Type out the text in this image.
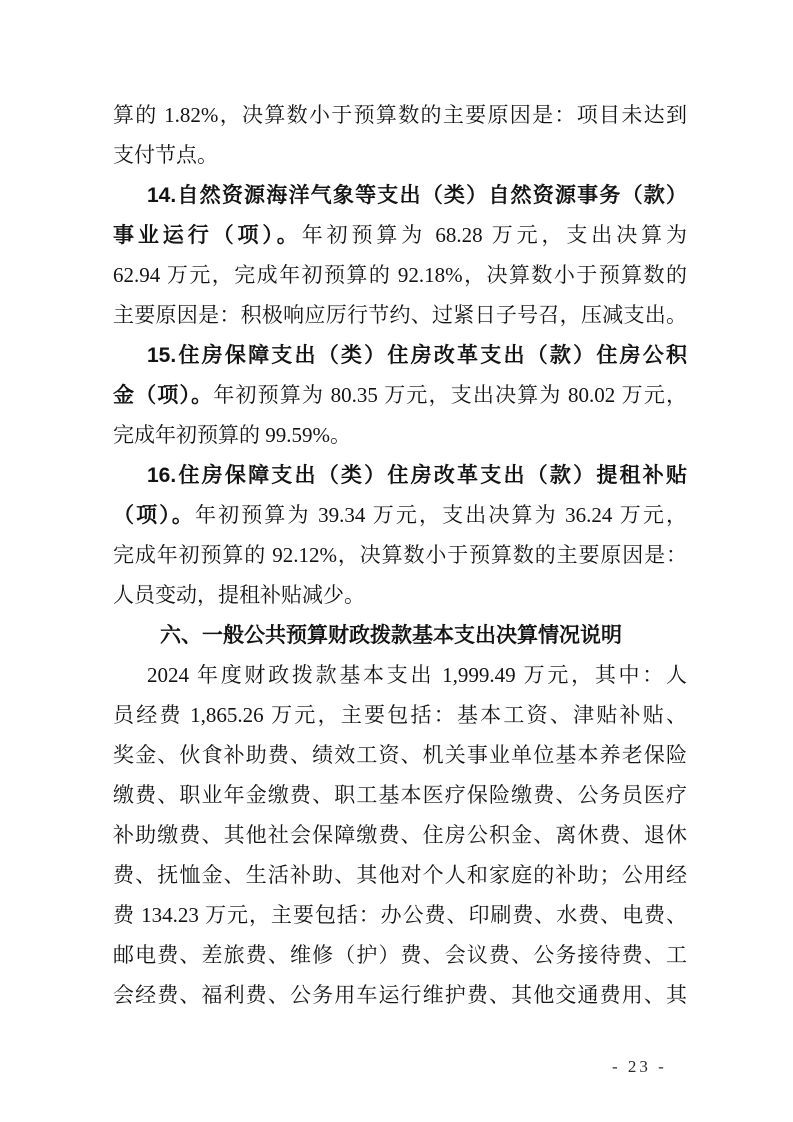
算的 1.82%，决算数小于预算数的主要原因是：项目未达到
支付节点。
14.自然资源海洋气象等支出（类）自然资源事务（款）
事业运行（项）。年初预算为 68.28 万元，支出决算为
62.94 万元，完成年初预算的 92.18%，决算数小于预算数的
主要原因是：积极响应厉行节约、过紧日子号召，压减支出。
15.住房保障支出（类）住房改革支出（款）住房公积
金（项）。年初预算为 80.35 万元，支出决算为 80.02 万元，
完成年初预算的 99.59%。
16.住房保障支出（类）住房改革支出（款）提租补贴
（项）。年初预算为 39.34 万元，支出决算为 36.24 万元，
完成年初预算的 92.12%，决算数小于预算数的主要原因是：
人员变动，提租补贴减少。
六、一般公共预算财政拨款基本支出决算情况说明
2024 年度财政拨款基本支出 1,999.49 万元，其中：人
员经费 1,865.26 万元，主要包括：基本工资、津贴补贴、
奖金、伙食补助费、绩效工资、机关事业单位基本养老保险
缴费、职业年金缴费、职工基本医疗保险缴费、公务员医疗
补助缴费、其他社会保障缴费、住房公积金、离休费、退休
费、抚恤金、生活补助、其他对个人和家庭的补助；公用经
费 134.23 万元，主要包括：办公费、印刷费、水费、电费、
邮电费、差旅费、维修（护）费、会议费、公务接待费、工
会经费、福利费、公务用车运行维护费、其他交通费用、其
- 23 -
